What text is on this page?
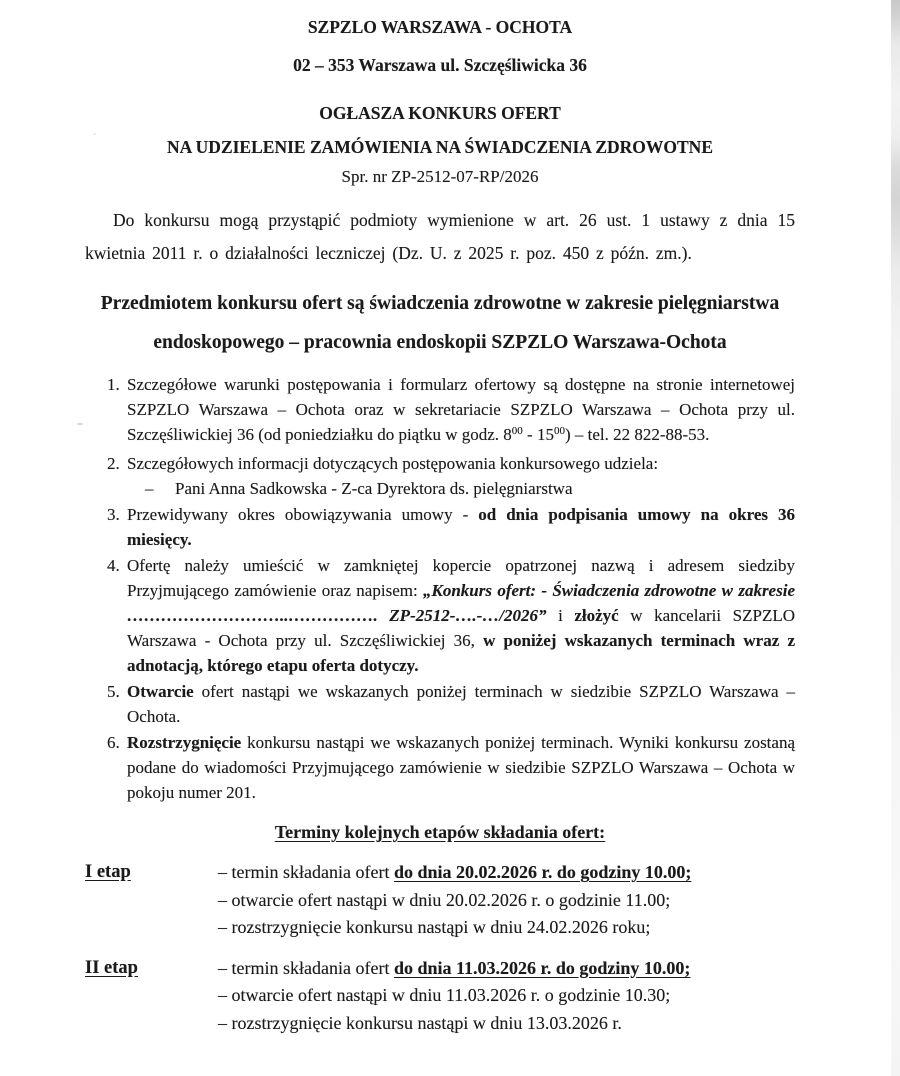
SZPZLO WARSZAWA - OCHOTA
02 – 353 Warszawa ul. Szczęśliwicka 36
OGŁASZA KONKURS OFERT
NA UDZIELENIE ZAMÓWIENIA NA ŚWIADCZENIA ZDROWOTNE
Spr. nr ZP-2512-07-RP/2026

Do konkursu mogą przystąpić podmioty wymienione w art. 26 ust. 1 ustawy z dnia 15 kwietnia 2011 r. o działalności leczniczej (Dz. U. z 2025 r. poz. 450 z późn. zm.).

Przedmiotem konkursu ofert są świadczenia zdrowotne w zakresie pielęgniarstwa endoskopowego – pracownia endoskopii SZPZLO Warszawa-Ochota
1. Szczegółowe warunki postępowania i formularz ofertowy są dostępne na stronie internetowej SZPZLO Warszawa – Ochota oraz w sekretariacie SZPZLO Warszawa – Ochota przy ul. Szczęśliwickiej 36 (od poniedziałku do piątku w godz. $8^{00} - 15^{00}$) – tel. 22 822-88-53.
2. Szczegółowych informacji dotyczących postępowania konkursowego udziela:
–	Pani Anna Sadkowska - Z-ca Dyrektora ds. pielęgniarstwa
3. Przewidywany okres obowiązywania umowy - od dnia podpisania umowy na okres 36 miesięcy.
4. Ofertę należy umieścić w zamkniętej kopercie opatrzonej nazwą i adresem siedziby Przyjmującego zamówienie oraz napisem: „Konkurs ofert: - Świadczenia zdrowotne w zakresie ………………………..……………. ZP-2512-….-…/2026” i złożyć w kancelarii SZPZLO Warszawa - Ochota przy ul. Szczęśliwickiej 36, w poniżej wskazanych terminach wraz z adnotacją, którego etapu oferta dotyczy.
5. Otwarcie ofert nastąpi we wskazanych poniżej terminach w siedzibie SZPZLO Warszawa – Ochota.
6. Rozstrzygnięcie konkursu nastąpi we wskazanych poniżej terminach. Wyniki konkursu zostaną podane do wiadomości Przyjmującego zamówienie w siedzibie SZPZLO Warszawa – Ochota w pokoju numer 201.
Terminy kolejnych etapów składania ofert:
I etap	– termin składania ofert do dnia 20.02.2026 r. do godziny 10.00;
– otwarcie ofert nastąpi w dniu 20.02.2026 r. o godzinie 11.00;
– rozstrzygnięcie konkursu nastąpi w dniu 24.02.2026 roku;
II etap	– termin składania ofert do dnia 11.03.2026 r. do godziny 10.00;
– otwarcie ofert nastąpi w dniu 11.03.2026 r. o godzinie 10.30;
– rozstrzygnięcie konkursu nastąpi w dniu 13.03.2026 r.
